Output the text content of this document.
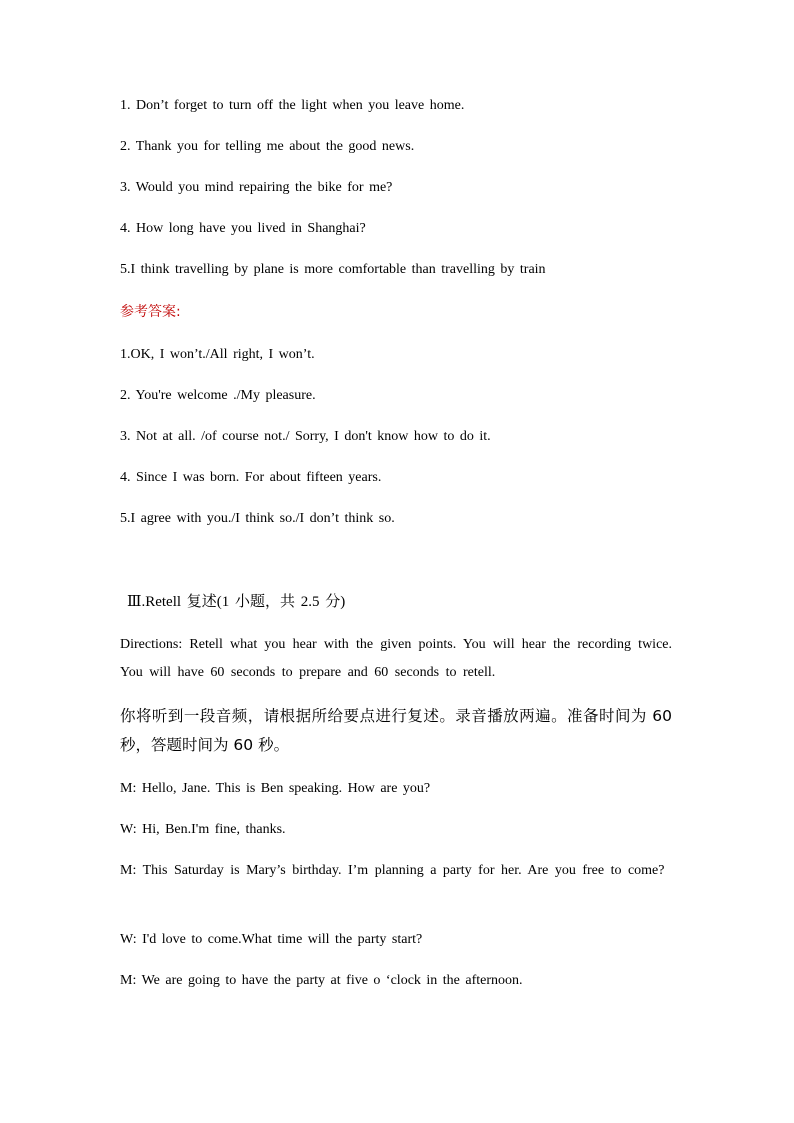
1. Don’t forget to turn off the light when you leave home.
2. Thank you for telling me about the good news.
3. Would you mind repairing the bike for me?
4. How long have you lived in Shanghai?
5.I think travelling by plane is more comfortable than travelling by train
参考答案:
1.OK, I won’t./All right, I won’t.
2. You're welcome ./My pleasure.
3. Not at all. /of course not./ Sorry, I don't know how to do it.
4. Since I was born. For about fifteen years.
5.I agree with you./I think so./I don’t think so.
Ⅲ.Retell 复述(1 小题，共 2.5 分)
Directions: Retell what you hear with the given points. You will hear the recording twice. You will have 60 seconds to prepare and 60 seconds to retell.
你将听到一段音频，请根据所给要点进行复述。录音播放两遍。准备时间为 60 秒，答题时间为 60 秒。
M: Hello, Jane. This is Ben speaking. How are you?
W: Hi, Ben.I'm fine, thanks.
M: This Saturday is Mary’s birthday. I’m planning a party for her. Are you free to come?
W: I'd love to come.What time will the party start?
M: We are going to have the party at five o ‘clock in the afternoon.
